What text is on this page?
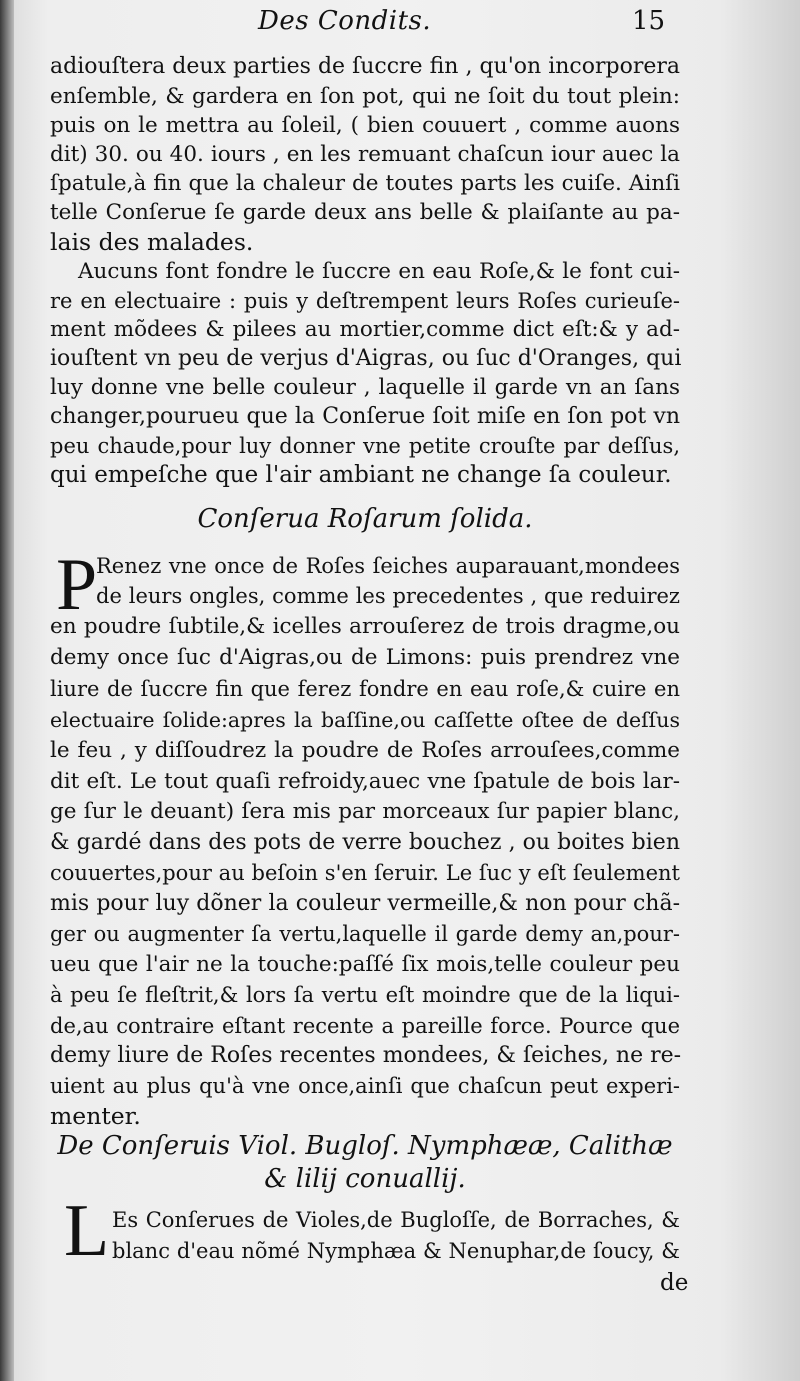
Des Condits.	15
adiouſtera deux parties de ſuccre fin , qu'on incorporera
enſemble, & gardera en ſon pot, qui ne ſoit du tout plein:
puis on le mettra au ſoleil, ( bien couuert , comme auons
dit) 30. ou 40. iours , en les remuant chaſcun iour auec la
ſpatule,à fin que la chaleur de toutes parts les cuiſe. Ainſi
telle Conſerue ſe garde deux ans belle & plaiſante au pa-
lais des malades.
Aucuns font fondre le ſuccre en eau Roſe,& le font cui-
re en electuaire : puis y deſtrempent leurs Roſes curieuſe-
ment mõdees & pilees au mortier,comme dict eſt:& y ad-
iouſtent vn peu de verjus d'Aigras, ou ſuc d'Oranges, qui
luy donne vne belle couleur , laquelle il garde vn an ſans
changer,pourueu que la Conſerue ſoit miſe en ſon pot vn
peu chaude,pour luy donner vne petite crouſte par deſſus,
qui empeſche que l'air ambiant ne change ſa couleur.
Conſerua Roſarum ſolida.
P
Renez vne once de Roſes ſeiches auparauant,mondees
de leurs ongles, comme les precedentes , que reduirez
en poudre ſubtile,& icelles arrouſerez de trois dragme,ou
demy once ſuc d'Aigras,ou de Limons: puis prendrez vne
liure de ſuccre fin que ferez fondre en eau roſe,& cuire en
electuaire ſolide:apres la baſſine,ou caſſette oſtee de deſſus
le feu , y diſſoudrez la poudre de Roſes arrouſees,comme
dit eſt. Le tout quaſi refroidy,auec vne ſpatule de bois lar-
ge ſur le deuant) ſera mis par morceaux ſur papier blanc,
& gardé dans des pots de verre bouchez , ou boites bien
couuertes,pour au beſoin s'en ſeruir. Le ſuc y eſt ſeulement
mis pour luy dõner la couleur vermeille,& non pour chã-
ger ou augmenter ſa vertu,laquelle il garde demy an,pour-
ueu que l'air ne la touche:paſſé ſix mois,telle couleur peu
à peu ſe fleſtrit,& lors ſa vertu eſt moindre que de la liqui-
de,au contraire eſtant recente a pareille force. Pource que
demy liure de Roſes recentes mondees, & ſeiches, ne re-
uient au plus qu'à vne once,ainſi que chaſcun peut experi-
menter.
De Conſeruis Viol. Bugloſ. Nymphææ, Calithæ
& lilij conuallij.
L Es Conſerues de Violes,de Bugloſſe, de Borraches, &
blanc d'eau nõmé Nymphæa & Nenuphar,de ſoucy, &
de
